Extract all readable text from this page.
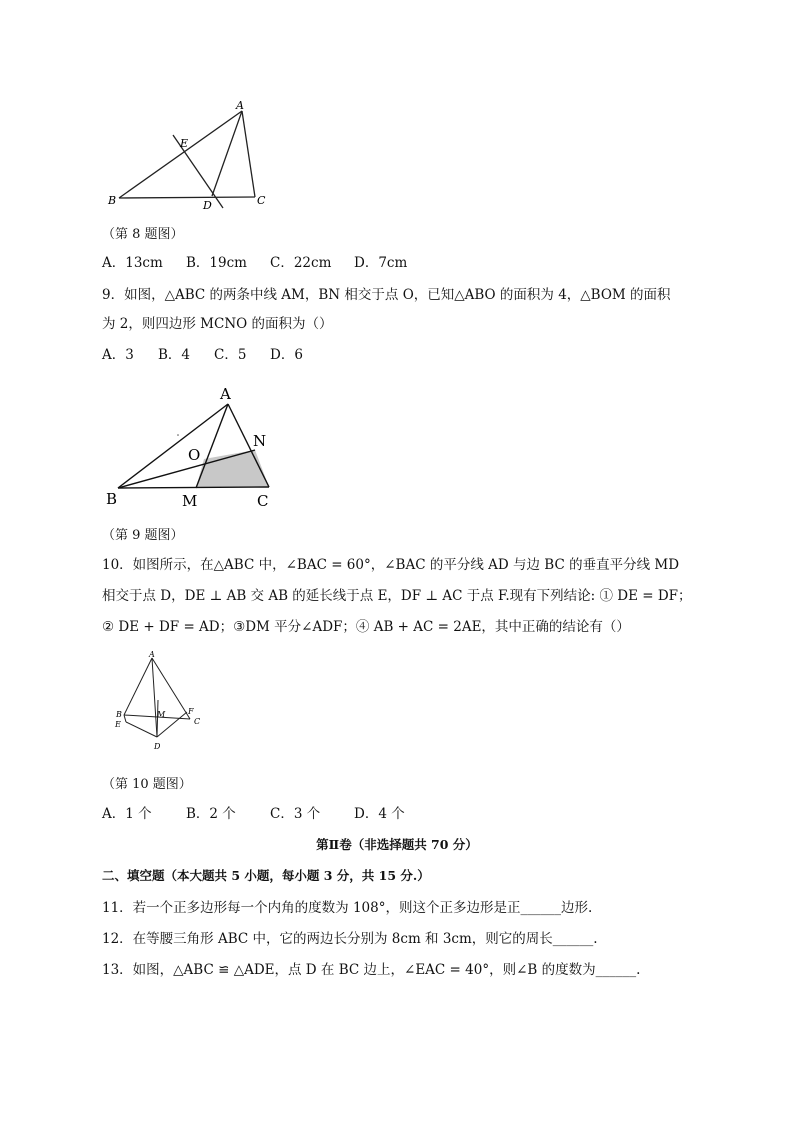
A
B	C
D
E
（第 8 题图）
A．13cm B．19cm C．22cm D．7cm
9．如图，△ABC 的两条中线 AM，BN 相交于点 O，已知△ABO 的面积为 4，△BOM 的面积
为 2，则四边形 MCNO 的面积为（）
A．3 B．4 C．5 D．6
A
B	C
M
N
O
（第 9 题图）
10．如图所示，在△ABC 中，∠BAC = 60°，∠BAC 的平分线 AD 与边 BC 的垂直平分线 MD
相交于点 D，DE ⊥ AB 交 AB 的延长线于点 E，DF ⊥ AC 于点 F.现有下列结论: ① DE = DF；
② DE + DF = AD；③DM 平分∠ADF；④ AB + AC = 2AE，其中正确的结论有（）
A
B
E
M	F
C
D
（第 10 题图）
A．1 个	B．2 个	C．3 个	D．4 个
第Ⅱ卷（非选择题共 70 分）
二、填空题（本大题共 5 小题，每小题 3 分，共 15 分.）
11．若一个正多边形每一个内角的度数为 108°，则这个正多边形是正______边形.
12．在等腰三角形 ABC 中，它的两边长分别为 8cm 和 3cm，则它的周长______.
13．如图，△ABC ≌ △ADE，点 D 在 BC 边上，∠EAC = 40°，则∠B 的度数为______.
